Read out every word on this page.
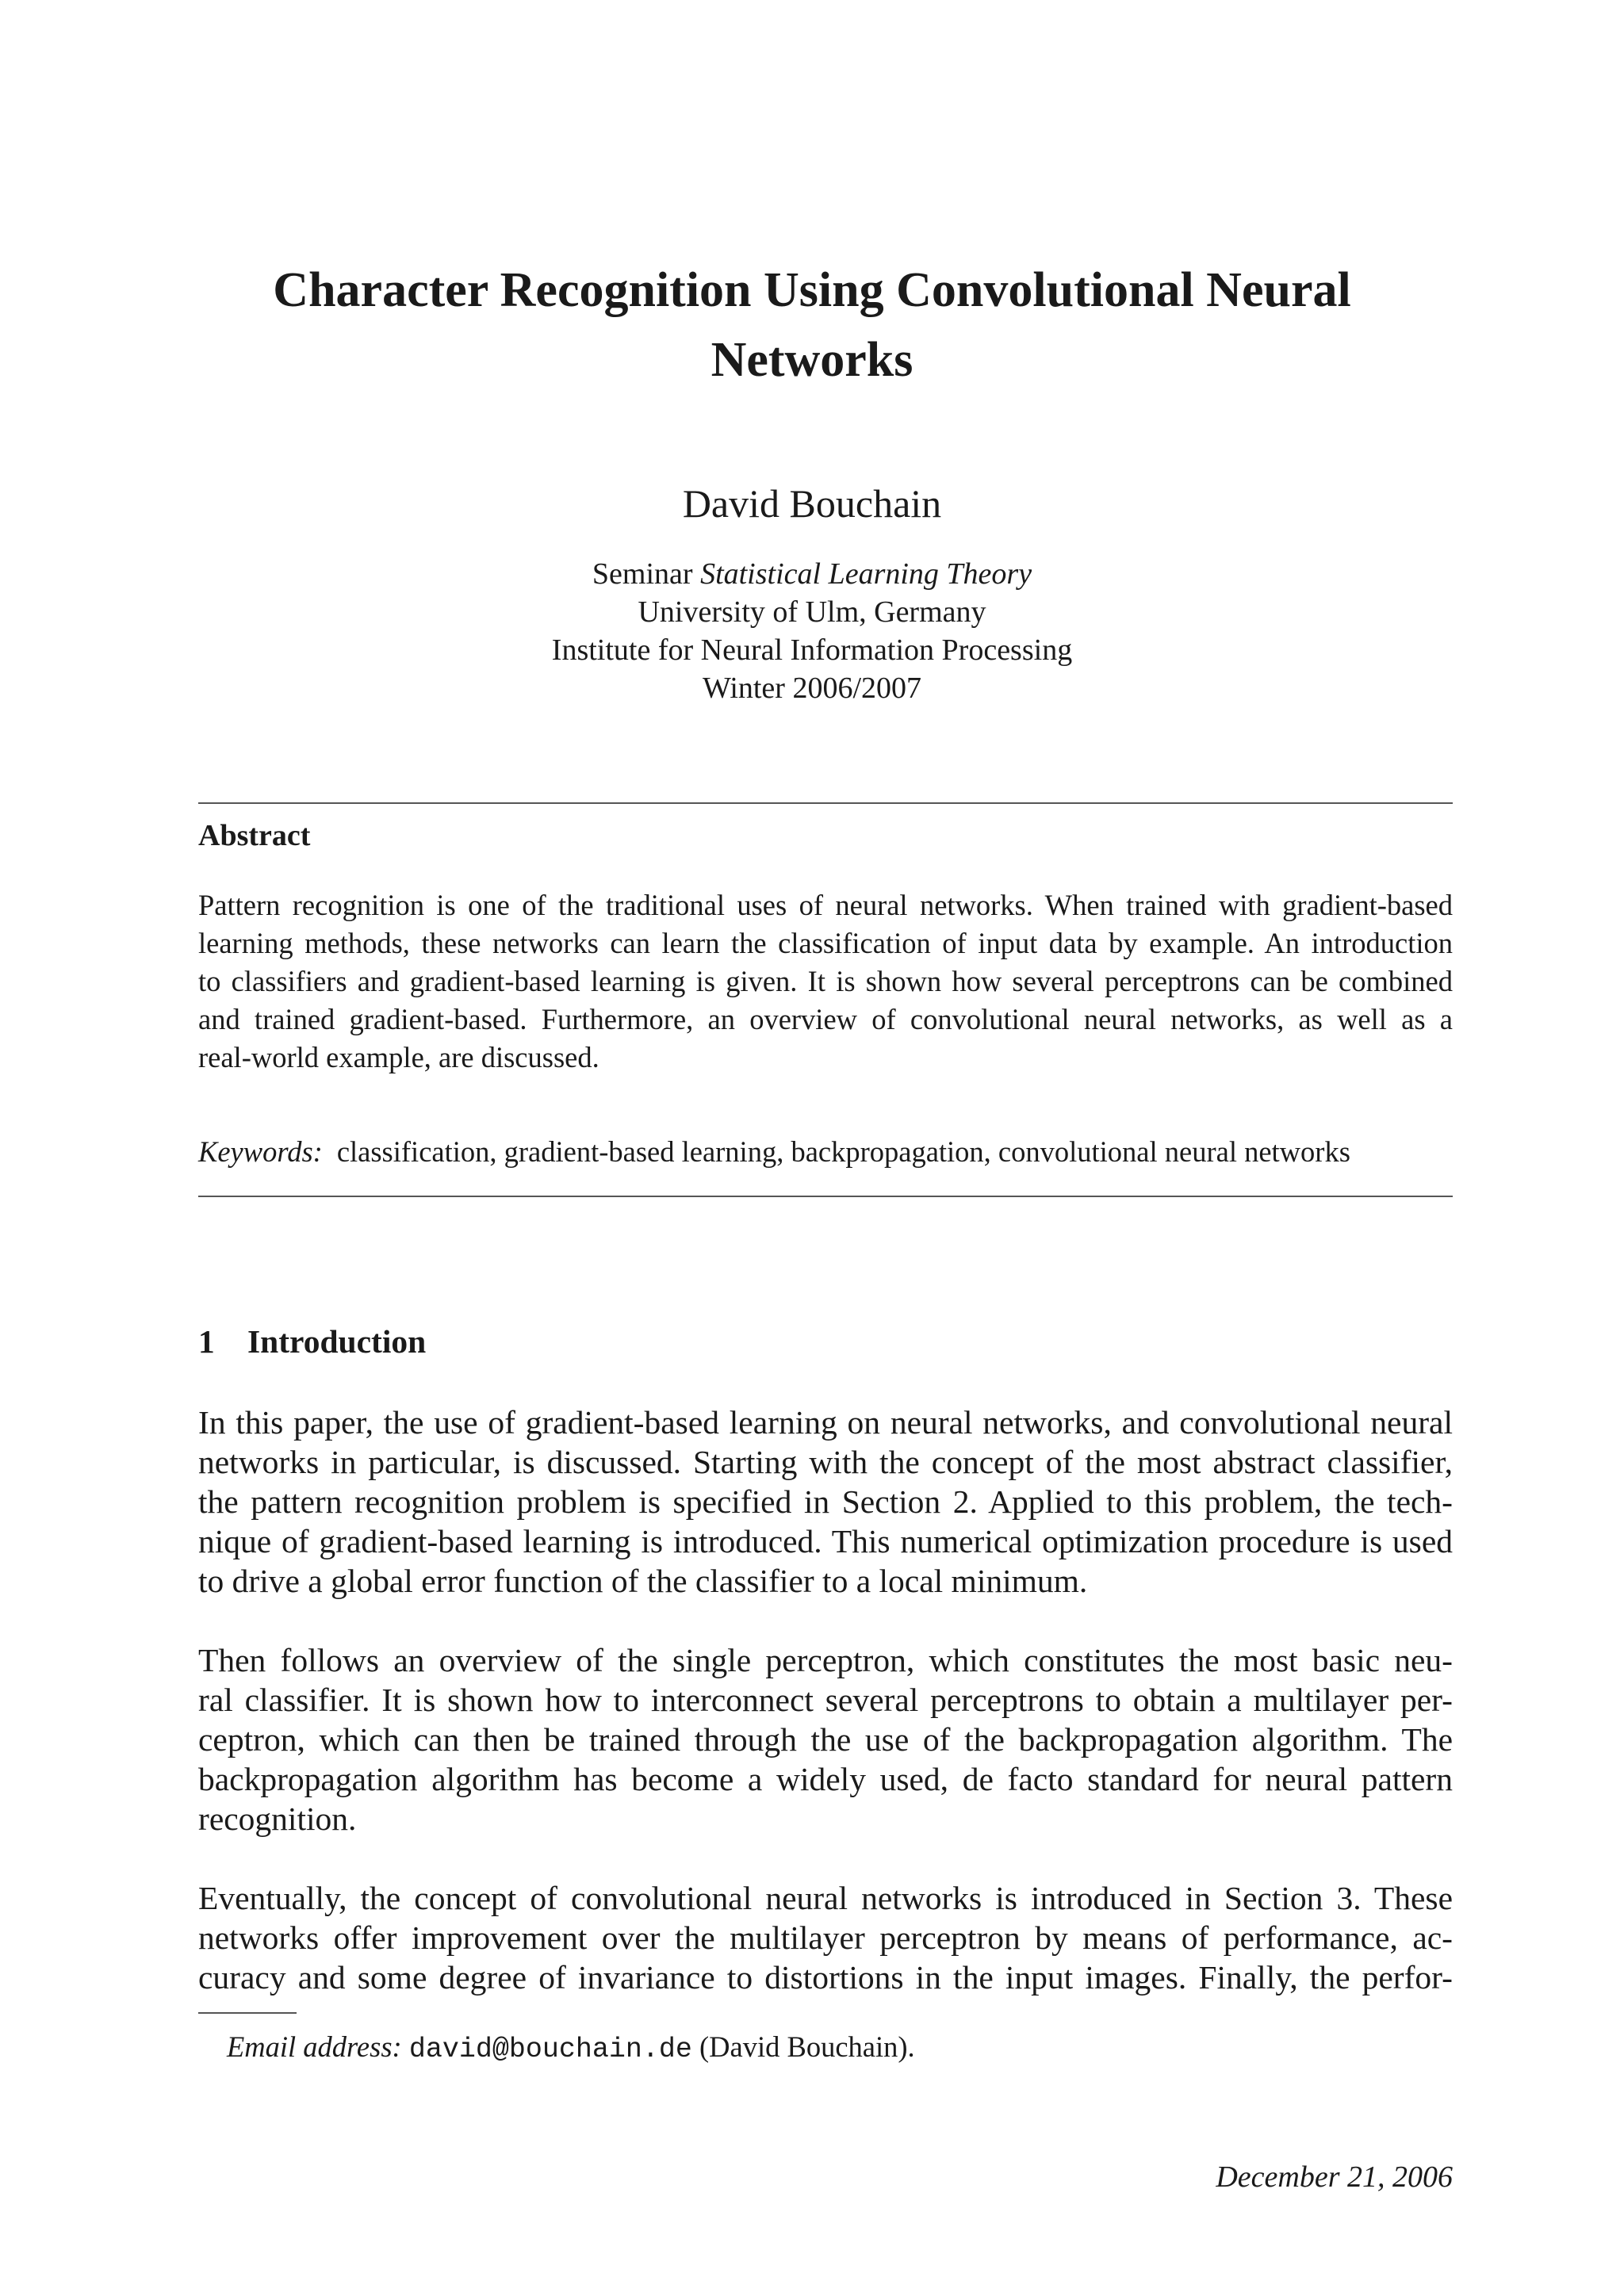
Character Recognition Using Convolutional Neural
Networks
David Bouchain
Seminar Statistical Learning Theory
University of Ulm, Germany
Institute for Neural Information Processing
Winter 2006/2007
Abstract
Pattern recognition is one of the traditional uses of neural networks. When trained with gradient-based
learning methods, these networks can learn the classification of input data by example. An introduction
to classifiers and gradient-based learning is given. It is shown how several perceptrons can be combined
and trained gradient-based. Furthermore, an overview of convolutional neural networks, as well as a
real-world example, are discussed.
Keywords: classification, gradient-based learning, backpropagation, convolutional neural networks
1 Introduction
In this paper, the use of gradient-based learning on neural networks, and convolutional neural
networks in particular, is discussed. Starting with the concept of the most abstract classifier,
the pattern recognition problem is specified in Section 2. Applied to this problem, the tech-
nique of gradient-based learning is introduced. This numerical optimization procedure is used
to drive a global error function of the classifier to a local minimum.
Then follows an overview of the single perceptron, which constitutes the most basic neu-
ral classifier. It is shown how to interconnect several perceptrons to obtain a multilayer per-
ceptron, which can then be trained through the use of the backpropagation algorithm. The
backpropagation algorithm has become a widely used, de facto standard for neural pattern
recognition.
Eventually, the concept of convolutional neural networks is introduced in Section 3. These
networks offer improvement over the multilayer perceptron by means of performance, ac-
curacy and some degree of invariance to distortions in the input images. Finally, the perfor-
Email address: david@bouchain.de (David Bouchain).
December 21, 2006
